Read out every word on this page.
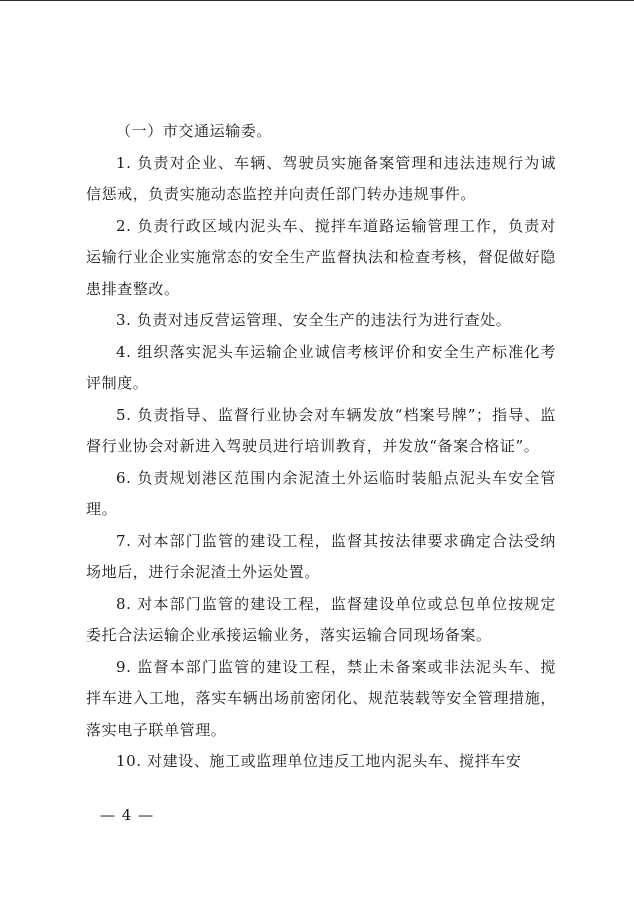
（一）市交通运输委。

1. 负责对企业、车辆、驾驶员实施备案管理和违法违规行为诚信惩戒，负责实施动态监控并向责任部门转办违规事件。

2. 负责行政区域内泥头车、搅拌车道路运输管理工作，负责对运输行业企业实施常态的安全生产监督执法和检查考核，督促做好隐患排查整改。

3. 负责对违反营运管理、安全生产的违法行为进行查处。

4. 组织落实泥头车运输企业诚信考核评价和安全生产标准化考评制度。

5. 负责指导、监督行业协会对车辆发放“档案号牌”；指导、监督行业协会对新进入驾驶员进行培训教育，并发放“备案合格证”。

6. 负责规划港区范围内余泥渣土外运临时装船点泥头车安全管理。

7. 对本部门监管的建设工程，监督其按法律要求确定合法受纳场地后，进行余泥渣土外运处置。

8. 对本部门监管的建设工程，监督建设单位或总包单位按规定委托合法运输企业承接运输业务，落实运输合同现场备案。

9. 监督本部门监管的建设工程，禁止未备案或非法泥头车、搅拌车进入工地，落实车辆出场前密闭化、规范装载等安全管理措施，落实电子联单管理。

10. 对建设、施工或监理单位违反工地内泥头车、搅拌车安

— 4 —
